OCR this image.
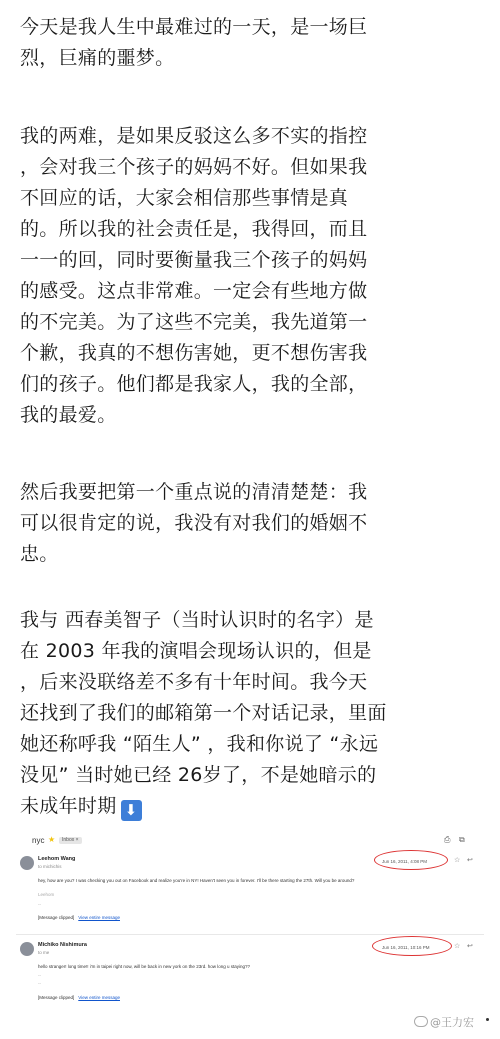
今天是我人生中最难过的一天，是一场巨
烈，巨痛的噩梦。

我的两难，是如果反驳这么多不实的指控
，会对我三个孩子的妈妈不好。但如果我
不回应的话，大家会相信那些事情是真
的。所以我的社会责任是，我得回，而且
一一的回，同时要衡量我三个孩子的妈妈
的感受。这点非常难。一定会有些地方做
的不完美。为了这些不完美，我先道第一
个歉，我真的不想伤害她，更不想伤害我
们的孩子。他们都是我家人，我的全部，
我的最爱。

然后我要把第一个重点说的清清楚楚：我
可以很肯定的说，我没有对我们的婚姻不
忠。

我与 西春美智子（当时认识时的名字）是
在 2003 年我的演唱会现场认识的，但是
，后来没联络差不多有十年时间。我今天
还找到了我们的邮箱第一个对话记录，里面
她还称呼我 “陌生人” ，我和你说了 “永远
没见” 当时她已经 26岁了，不是她暗示的
未成年时期 ⬇

nyc ★	Inbox ×	⎙ ⧉
Leehom Wang
to michichis
Jun 16, 2011, 4:08 PM	☆ ↩
hey, how are you? I was checking you out on Facebook and realize you're in NY! Haven't seen you in forever. I'll be there starting the 27th. Will you be around?
Leehom
--
[Message clipped] View entire message
Michiko Nishimura
to me
Jun 16, 2011, 10:16 PM	☆ ↩
hello stranger! long time!! i'm in taipei right now, will be back in new york on the 23rd. how long u staying??
--
--
[Message clipped] View entire message
@王力宏
